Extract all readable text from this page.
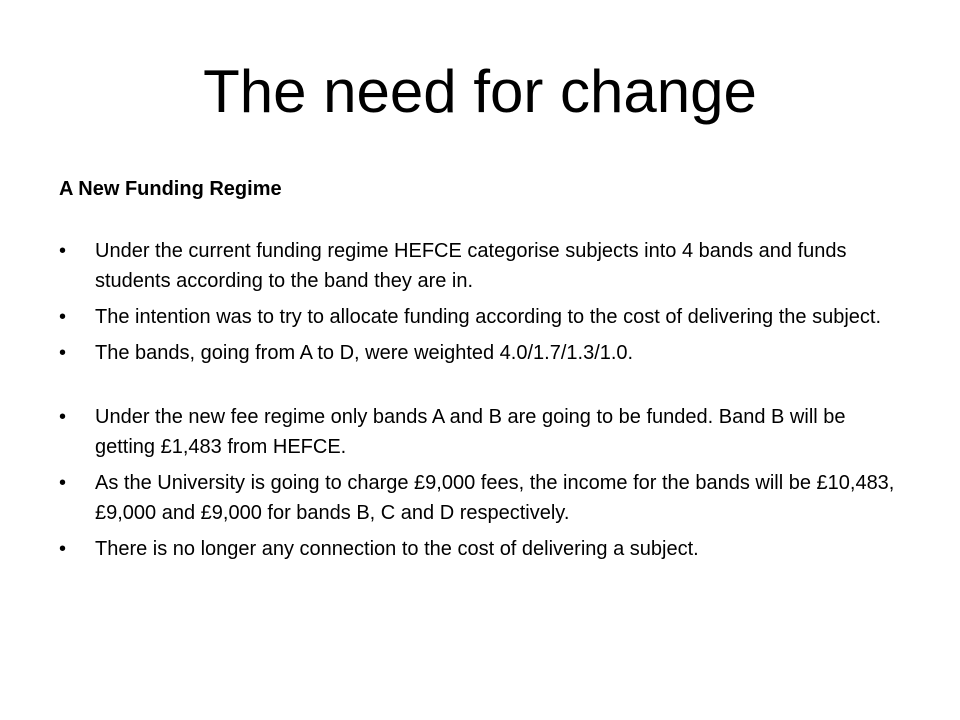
The need for change

A New Funding Regime

• Under the current funding regime HEFCE categorise subjects into 4 bands and funds students according to the band they are in.
• The intention was to try to allocate funding according to the cost of delivering the subject.
• The bands, going from A to D, were weighted 4.0/1.7/1.3/1.0.
• Under the new fee regime only bands A and B are going to be funded. Band B will be getting £1,483 from HEFCE.
• As the University is going to charge £9,000 fees, the income for the bands will be £10,483, £9,000 and £9,000 for bands B, C and D respectively.
• There is no longer any connection to the cost of delivering a subject.
